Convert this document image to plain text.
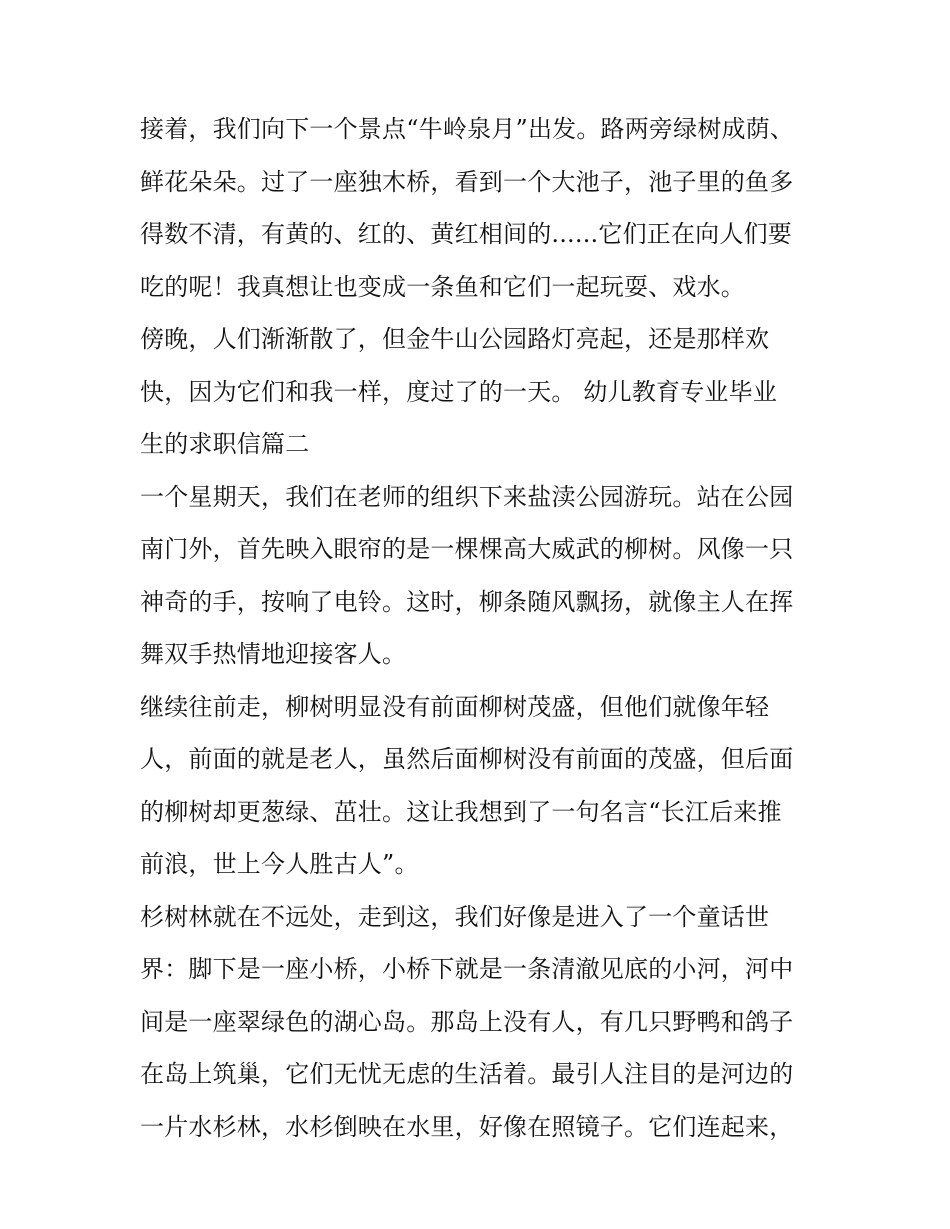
接着，我们向下一个景点“牛岭泉月”出发。路两旁绿树成荫、
鲜花朵朵。过了一座独木桥，看到一个大池子，池子里的鱼多
得数不清，有黄的、红的、黄红相间的......它们正在向人们要
吃的呢！我真想让也变成一条鱼和它们一起玩耍、戏水。
傍晚，人们渐渐散了，但金牛山公园路灯亮起，还是那样欢
快，因为它们和我一样，度过了的一天。 幼儿教育专业毕业
生的求职信篇二
一个星期天，我们在老师的组织下来盐渎公园游玩。站在公园
南门外，首先映入眼帘的是一棵棵高大威武的柳树。风像一只
神奇的手，按响了电铃。这时，柳条随风飘扬，就像主人在挥
舞双手热情地迎接客人。
继续往前走，柳树明显没有前面柳树茂盛，但他们就像年轻
人，前面的就是老人，虽然后面柳树没有前面的茂盛，但后面
的柳树却更葱绿、茁壮。这让我想到了一句名言“长江后来推
前浪，世上今人胜古人”。
杉树林就在不远处，走到这，我们好像是进入了一个童话世
界：脚下是一座小桥，小桥下就是一条清澈见底的小河，河中
间是一座翠绿色的湖心岛。那岛上没有人，有几只野鸭和鸽子
在岛上筑巢，它们无忧无虑的生活着。最引人注目的是河边的
一片水杉林，水杉倒映在水里，好像在照镜子。它们连起来，
